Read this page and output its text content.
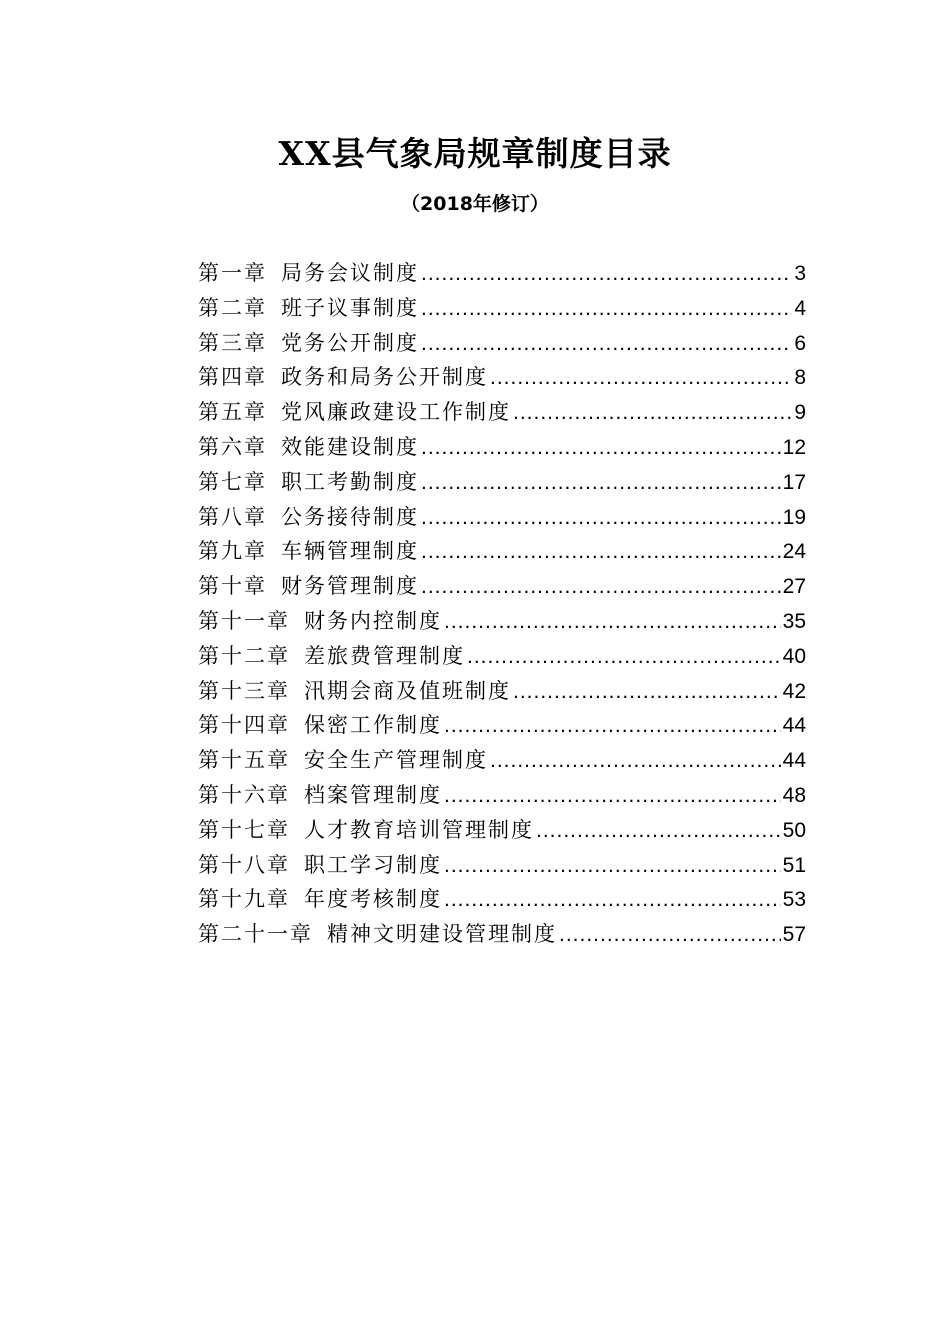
XX县气象局规章制度目录
（2018年修订）
第一章 局务会议制度 .....	3
第二章 班子议事制度 .....	4
第三章 党务公开制度 .....	6
第四章 政务和局务公开制度 .....	8
第五章 党风廉政建设工作制度 .....	9
第六章 效能建设制度 .....	12
第七章 职工考勤制度 .....	17
第八章 公务接待制度 .....	19
第九章 车辆管理制度 .....	24
第十章 财务管理制度 .....	27
第十一章 财务内控制度 .....	35
第十二章 差旅费管理制度 .....	40
第十三章 汛期会商及值班制度 .....	42
第十四章 保密工作制度 .....	44
第十五章 安全生产管理制度 .....	44
第十六章 档案管理制度 .....	48
第十七章 人才教育培训管理制度 .....	50
第十八章 职工学习制度 .....	51
第十九章 年度考核制度 .....	53
第二十一章 精神文明建设管理制度 .....	57
